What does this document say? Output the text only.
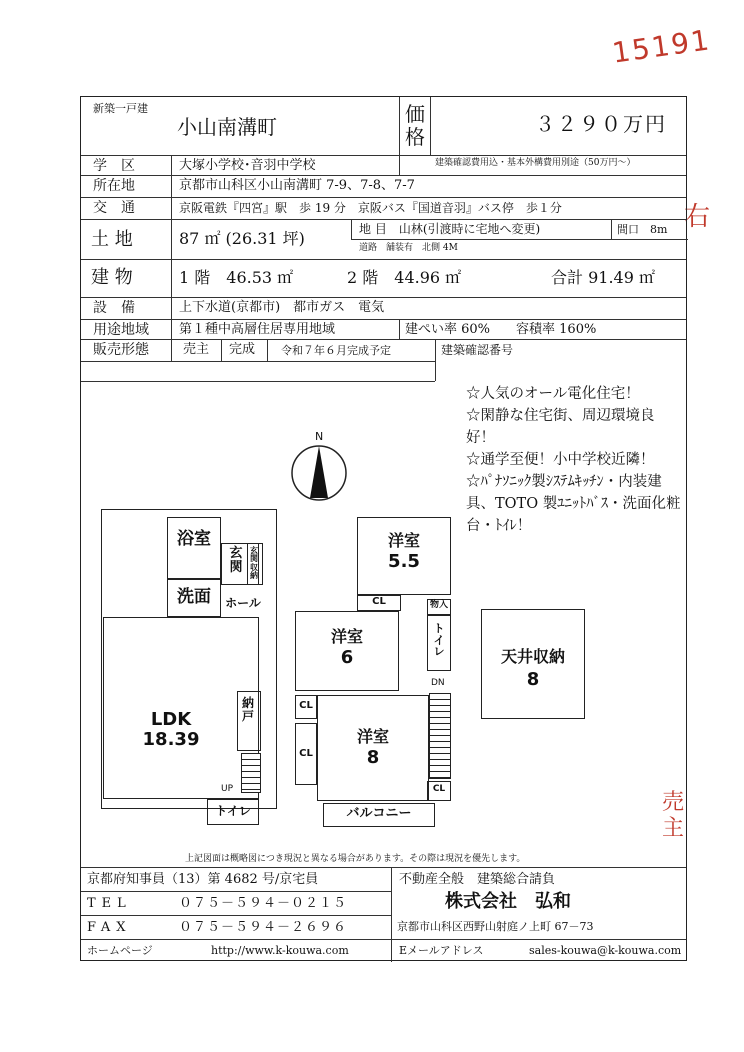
15191
右
売主
新築一戸建
小山南溝町
価格
３２９０万円
学　区	大塚小学校･音羽中学校	建築確認費用込・基本外構費用別途（50万円～）
所在地	京都市山科区小山南溝町 7-9、7-8、7-7
交　通	京阪電鉄『四宮』駅　歩 19 分　京阪バス『国道音羽』バス停　歩１分
土 地	87 ㎡ (26.31 坪)	地 目　山林(引渡時に宅地へ変更)	間口　8m
道路　舗装有　北側 4M
建 物	1 階　46.53 ㎡	2 階　44.96 ㎡	合計 91.49 ㎡
設　備	上下水道(京都市)　都市ガス　電気
用途地域 第１種中高層住居専用地域	建ぺい率 60%　　容積率 160%
販売形態	売主 完成 令和７年６月完成予定	建築確認番号
☆人気のオール電化住宅！
☆閑静な住宅街、周辺環境良好！
☆通学至便！小中学校近隣！
☆ﾊﾟﾅｿﾆｯｸ製ｼｽﾃﾑｷｯﾁﾝ・内装建具、TOTO 製ﾕﾆｯﾄﾊﾞｽ・洗面化粧台・ﾄｲﾚ！
N
浴室
玄関
玄関収納
洗面	ホール
LDK
18.39
納戸
UP
トイレ
洋室
5.5
CL
洋室
6
物入
トイレ
DN
CL
CL
洋室
8
CL
バルコニー
天井収納
8
上記図面は概略図につき現況と異なる場合があります。その際は現況を優先します。
京都府知事員（13）第 4682 号/京宅員
TEL	０７５－５９４－０２１５
FAX	０７５－５９４－２６９６
ホームページ	http://www.k-kouwa.com
不動産全般　建築総合請負
株式会社　弘和
京都市山科区西野山射庭ノ上町 67－73
Eメールアドレス	sales-kouwa@k-kouwa.com
